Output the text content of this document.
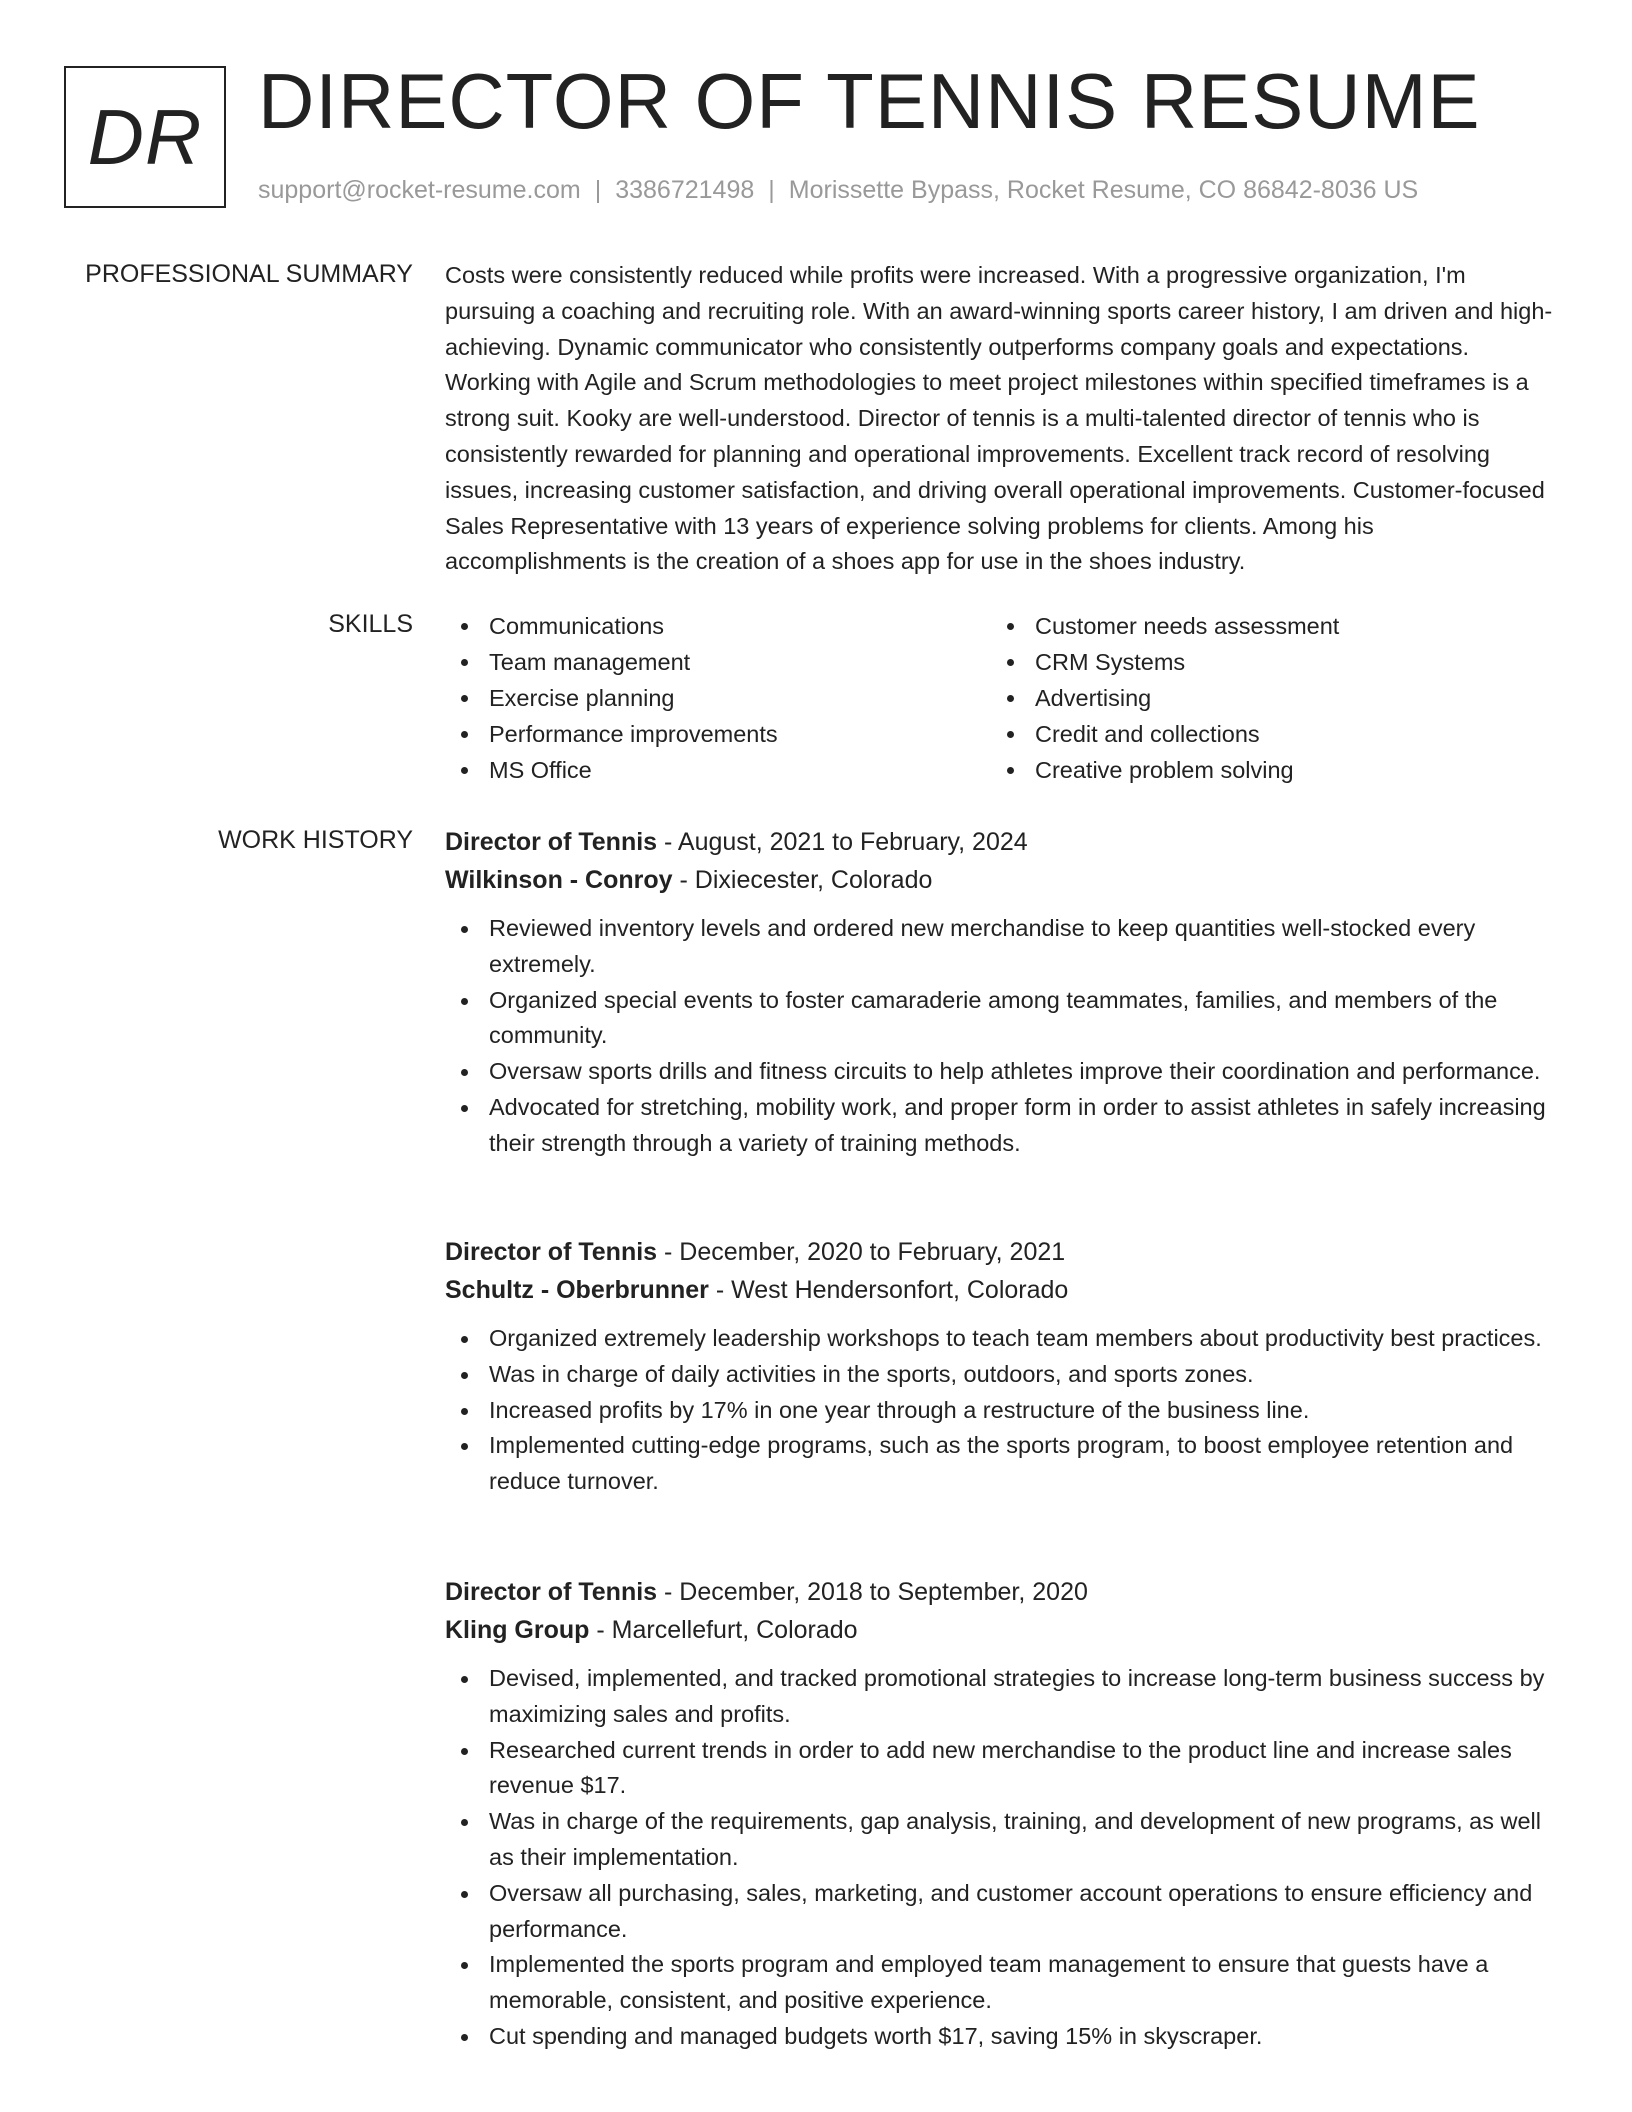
DR DIRECTOR OF TENNIS RESUME
support@rocket-resume.com | 3386721498 | Morissette Bypass, Rocket Resume, CO 86842-8036 US
PROFESSIONAL SUMMARY Costs were consistently reduced while profits were increased. With a progressive organization, I'm pursuing a coaching and recruiting role. With an award-winning sports career history, I am driven and high-achieving. Dynamic communicator who consistently outperforms company goals and expectations. Working with Agile and Scrum methodologies to meet project milestones within specified timeframes is a strong suit. Kooky are well-understood. Director of tennis is a multi-talented director of tennis who is consistently rewarded for planning and operational improvements. Excellent track record of resolving issues, increasing customer satisfaction, and driving overall operational improvements. Customer-focused Sales Representative with 13 years of experience solving problems for clients. Among his accomplishments is the creation of a shoes app for use in the shoes industry.
SKILLS	Communications
Team management
Exercise planning
Performance improvements
MS Office
Customer needs assessment
CRM Systems
Advertising
Credit and collections
Creative problem solving
WORK HISTORY Director of Tennis - August, 2021 to February, 2024
Wilkinson - Conroy - Dixiecester, Colorado
Reviewed inventory levels and ordered new merchandise to keep quantities well-stocked every extremely.
Organized special events to foster camaraderie among teammates, families, and members of the community.
Oversaw sports drills and fitness circuits to help athletes improve their coordination and performance.
Advocated for stretching, mobility work, and proper form in order to assist athletes in safely increasing their strength through a variety of training methods.
Director of Tennis - December, 2020 to February, 2021
Schultz - Oberbrunner - West Hendersonfort, Colorado
Organized extremely leadership workshops to teach team members about productivity best practices.
Was in charge of daily activities in the sports, outdoors, and sports zones.
Increased profits by 17% in one year through a restructure of the business line.
Implemented cutting-edge programs, such as the sports program, to boost employee retention and reduce turnover.
Director of Tennis - December, 2018 to September, 2020
Kling Group - Marcellefurt, Colorado
Devised, implemented, and tracked promotional strategies to increase long-term business success by maximizing sales and profits.
Researched current trends in order to add new merchandise to the product line and increase sales revenue $17.
Was in charge of the requirements, gap analysis, training, and development of new programs, as well as their implementation.
Oversaw all purchasing, sales, marketing, and customer account operations to ensure efficiency and performance.
Implemented the sports program and employed team management to ensure that guests have a memorable, consistent, and positive experience.
Cut spending and managed budgets worth $17, saving 15% in skyscraper.
